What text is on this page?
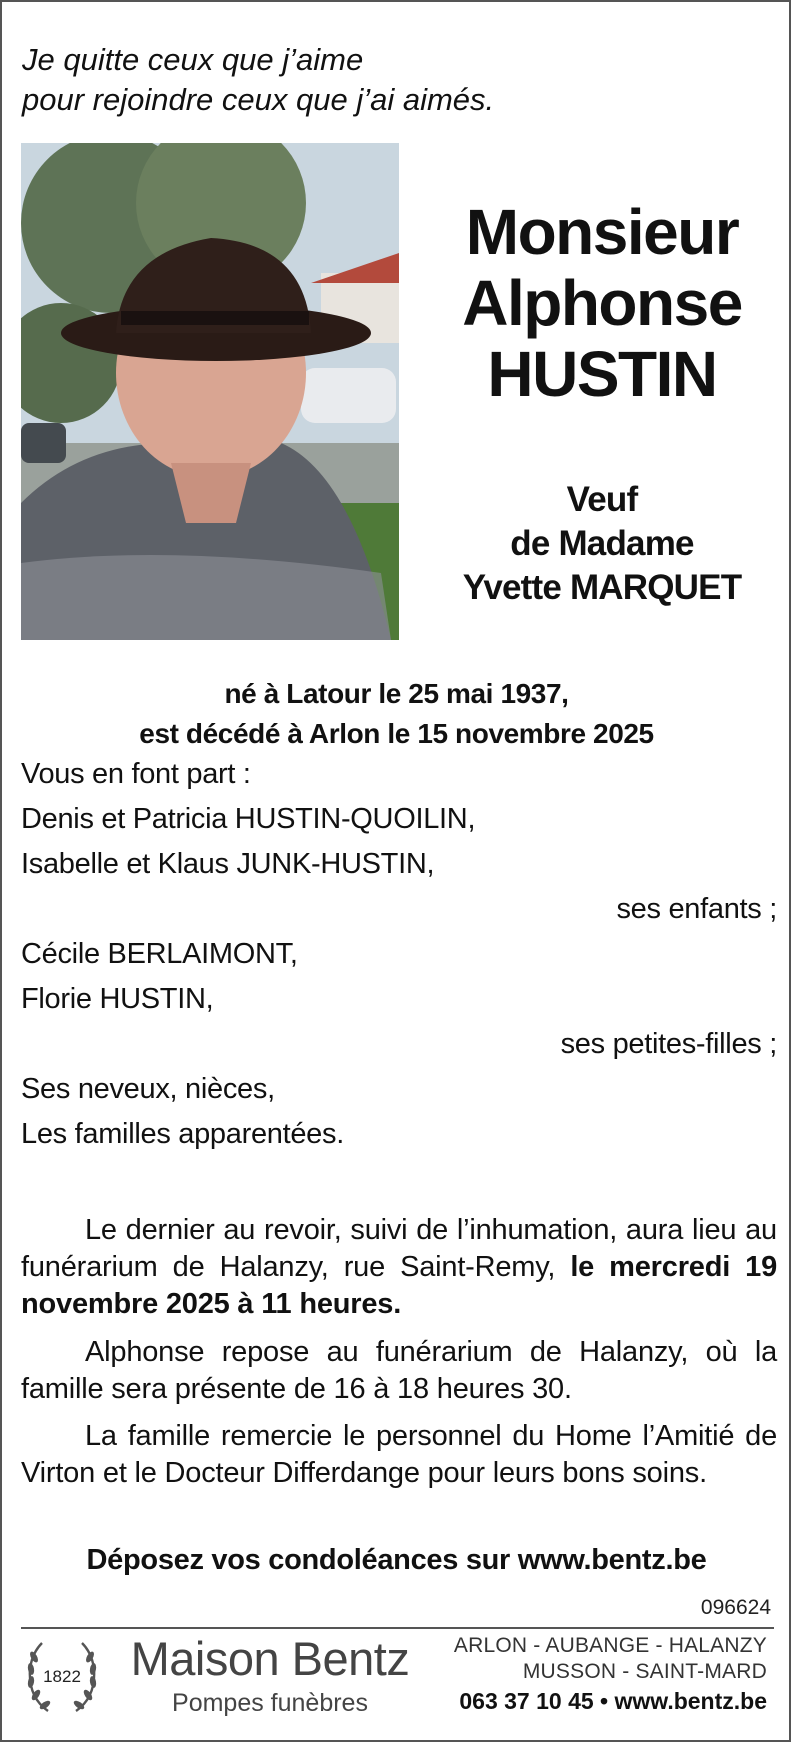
Je quitte ceux que j’aime
pour rejoindre ceux que j’ai aimés.
Monsieur
Alphonse
HUSTIN
Veuf
de Madame
Yvette MARQUET
né à Latour le 25 mai 1937,
est décédé à Arlon le 15 novembre 2025
Vous en font part :
Denis et Patricia HUSTIN-QUOILIN,
Isabelle et Klaus JUNK-HUSTIN,
ses enfants ;
Cécile BERLAIMONT,
Florie HUSTIN,
ses petites-filles ;
Ses neveux, nièces,
Les familles apparentées.
Le dernier au revoir, suivi de l’inhumation, aura lieu au funérarium de Halanzy, rue Saint-Remy, le mercredi 19 novembre 2025 à 11 heures.
Alphonse repose au funérarium de Halanzy, où la famille sera présente de 16 à 18 heures 30.
La famille remercie le personnel du Home l’Amitié de Virton et le Docteur Differdange pour leurs bons soins.
Déposez vos condoléances sur www.bentz.be
096624
1822 Maison Bentz
Pompes funèbres
ARLON - AUBANGE - HALANZY
MUSSON - SAINT-MARD
063 37 10 45 • www.bentz.be
